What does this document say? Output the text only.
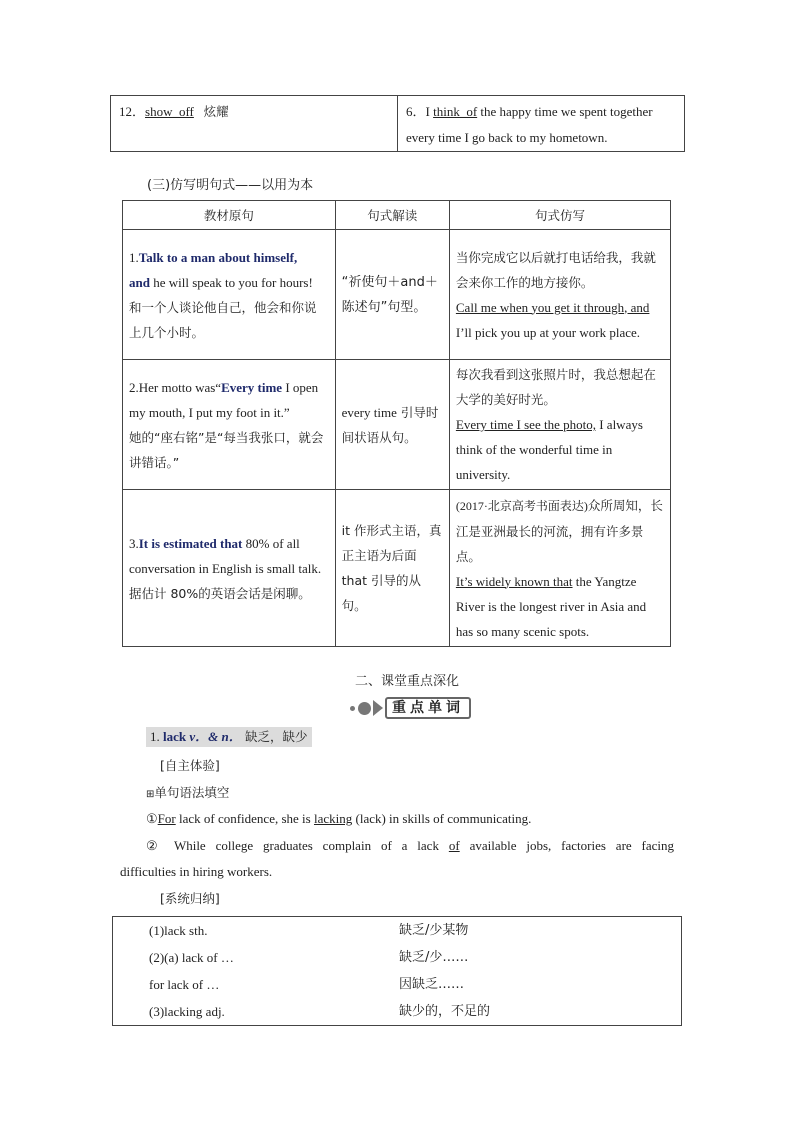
12．show_off 炫耀	6．I think_of the happy time we spent together
every time I go back to my hometown.
(三)仿写明句式——以用为本
教材原句	句式解读	句式仿写
1.Talk to a man about himself,
and he will speak to you for hours!
和一个人谈论他自己，他会和你说上几个小时。	“祈使句＋and＋陈述句”句型。	当你完成它以后就打电话给我，我就会来你工作的地方接你。
Call me when you get it through, and I’ll pick you up at your work place.
2.Her motto was“Every time I open my mouth, I put my foot in it.”
她的“座右铭”是“每当我张口，就会讲错话。”	every time 引导时间状语从句。	每次我看到这张照片时，我总想起在大学的美好时光。
Every time I see the photo, I always think of the wonderful time in university.
3.It is estimated that 80% of all conversation in English is small talk.
据估计 80%的英语会话是闲聊。	it 作形式主语，真正主语为后面
that 引导的从句。	(2017·北京高考书面表达)众所周知，长江是亚洲最长的河流，拥有许多景点。
It’s widely known that the Yangtze River is the longest river in Asia and has so many scenic spots.
二、课堂重点深化
重点单词
1. lack v．& n． 缺乏，缺少
[自主体验]
⊞单句语法填空
①For lack of confidence, she is lacking (lack) in skills of communicating.
② While college graduates complain of a lack of available jobs, factories are facing
difficulties in hiring workers.
[系统归纳]
(1)lack sth.	缺乏/少某物
(2)(a) lack of …	缺乏/少……
for lack of …	因缺乏……
(3)lacking adj.	缺少的，不足的
